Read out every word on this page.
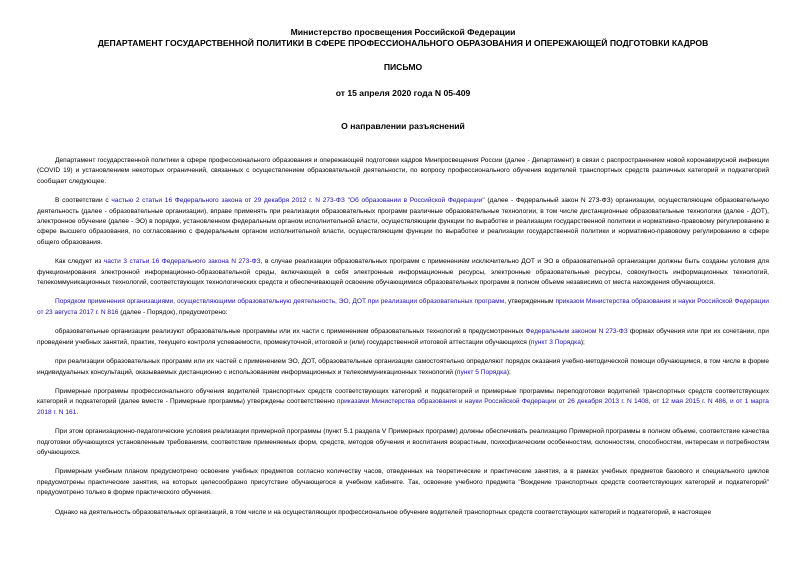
Министерство просвещения Российской Федерации
ДЕПАРТАМЕНТ ГОСУДАРСТВЕННОЙ ПОЛИТИКИ В СФЕРЕ ПРОФЕССИОНАЛЬНОГО ОБРАЗОВАНИЯ И ОПЕРЕЖАЮЩЕЙ ПОДГОТОВКИ КАДРОВ
ПИСЬМО
от 15 апреля 2020 года N 05-409
О направлении разъяснений

Департамент государственной политики в сфере профессионального образования и опережающей подготовки кадров Минпросвещения России (далее - Департамент) в связи с распространением новой коронавирусной инфекции (COVID 19) и установлением некоторых ограничений, связанных с осуществлением образовательной деятельности, по вопросу профессионального обучения водителей транспортных средств различных категорий и подкатегорий сообщает следующее.

В соответствии с частью 2 статьи 16 Федерального закона от 29 декабря 2012 г. N 273-ФЗ "Об образовании в Российской Федерации" (далее - Федеральный закон N 273-ФЗ) организации, осуществляющие образовательную деятельность (далее - образовательные организации), вправе применять при реализации образовательных программ различные образовательные технологии, в том числе дистанционные образовательные технологии (далее - ДОТ), электронное обучение (далее - ЭО) в порядке, установленном федеральным органом исполнительной власти, осуществляющим функции по выработке и реализации государственной политики и нормативно-правовому регулированию в сфере высшего образования, по согласованию с федеральным органом исполнительной власти, осуществляющим функции по выработке и реализации государственной политики и нормативно-правовому регулированию в сфере общего образования.

Как следует из части 3 статьи 16 Федерального закона N 273-ФЗ, в случае реализации образовательных программ с применением исключительно ДОТ и ЭО в образовательной организации должны быть созданы условия для функционирования электронной информационно-образовательной среды, включающей в себя электронные информационные ресурсы, электронные образовательные ресурсы, совокупность информационных технологий, телекоммуникационных технологий, соответствующих технологических средств и обеспечивающей освоение обучающимися образовательных программ в полном объеме независимо от места нахождения обучающихся.

Порядком применения организациями, осуществляющими образовательную деятельность, ЭО, ДОТ при реализации образовательных программ, утвержденным приказом Министерства образования и науки Российской Федерации от 23 августа 2017 г. N 816 (далее - Порядок), предусмотрено:

образовательные организации реализуют образовательные программы или их части с применением образовательных технологий в предусмотренных Федеральным законом N 273-ФЗ формах обучения или при их сочетании, при проведении учебных занятий, практик, текущего контроля успеваемости, промежуточной, итоговой и (или) государственной итоговой аттестации обучающихся (пункт 3 Порядка);

при реализации образовательных программ или их частей с применением ЭО, ДОТ, образовательные организации самостоятельно определяют порядок оказания учебно-методической помощи обучающимся, в том числе в форме индивидуальных консультаций, оказываемых дистанционно с использованием информационных и телекоммуникационных технологий (пункт 5 Порядка);

Примерные программы профессионального обучения водителей транспортных средств соответствующих категорий и подкатегорий и примерные программы переподготовки водителей транспортных средств соответствующих категорий и подкатегорий (далее вместе - Примерные программы) утверждены соответственно приказами Министерства образования и науки Российской Федерации от 26 декабря 2013 г. N 1408, от 12 мая 2015 г. N 486, и от 1 марта 2018 г. N 161.

При этом организационно-педагогические условия реализации примерной программы (пункт 5.1 раздела V Примерных программ) должны обеспечивать реализацию Примерной программы в полном объеме, соответствие качества подготовки обучающихся установленным требованиям, соответствие применяемых форм, средств, методов обучения и воспитания возрастным, психофизическим особенностям, склонностям, способностям, интересам и потребностям обучающихся.

Примерным учебным планом предусмотрено освоение учебных предметов согласно количеству часов, отведенных на теоретические и практические занятия, а в рамках учебных предметов базового и специального циклов предусмотрены практические занятия, на которых целесообразно присутствие обучающегося в учебном кабинете. Так, освоение учебного предмета "Вождение транспортных средств соответствующих категорий и подкатегорий" предусмотрено только в форме практического обучения.

Однако на деятельность образовательных организаций, в том числе и на осуществляющих профессиональное обучение водителей транспортных средств соответствующих категорий и подкатегорий, в настоящее
